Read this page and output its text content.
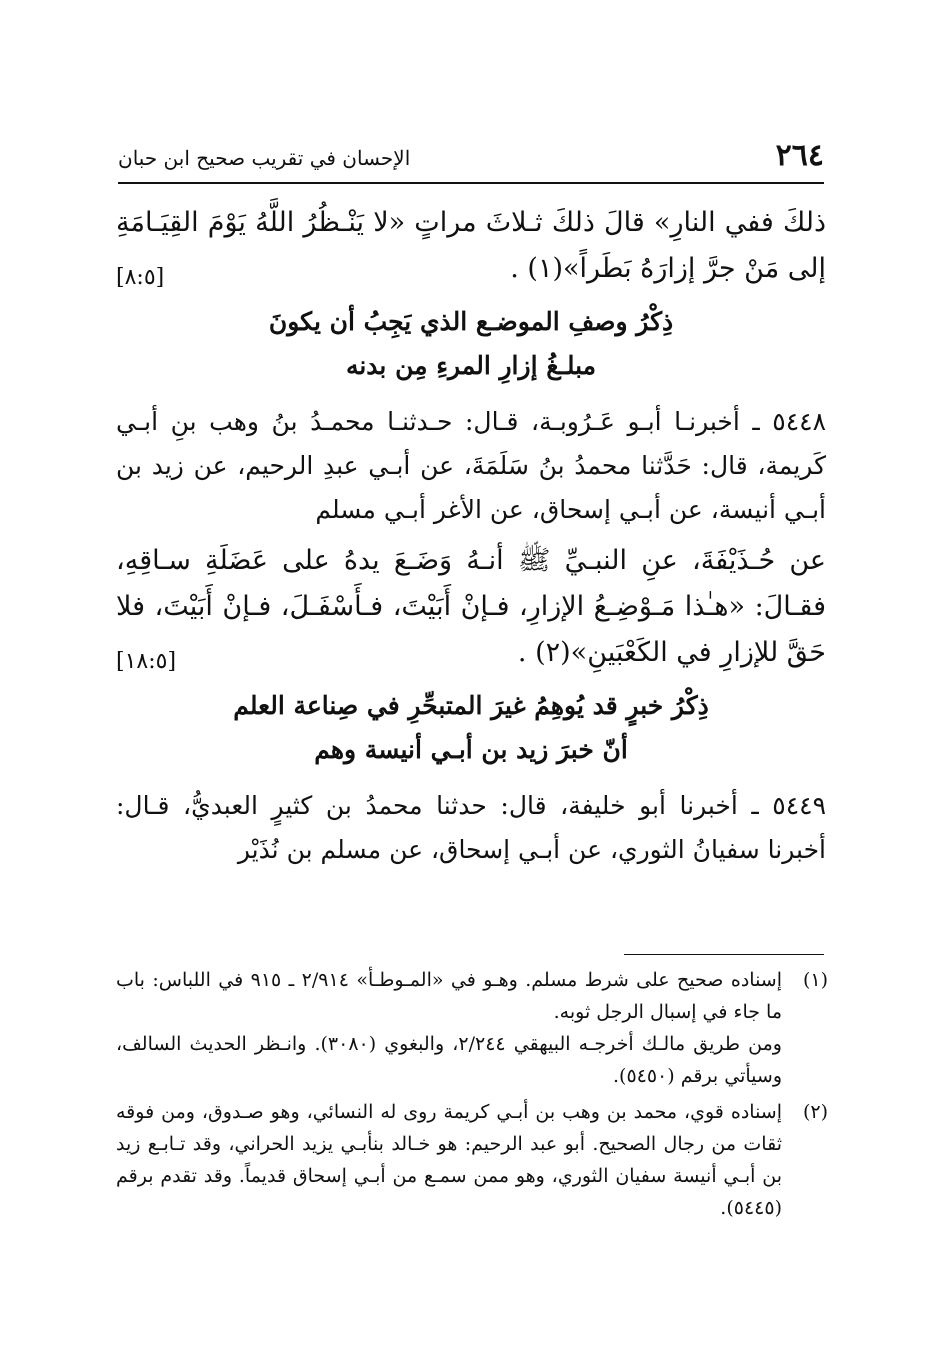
٢٦٤
الإحسان في تقريب صحيح ابن حبان

ذلكَ ففي النارِ» قالَ ذلكَ ثـلاثَ مراتٍ «لا يَنْـظُرُ اللَّهُ يَوْمَ القِيَـامَةِ إلى مَنْ جرَّ إزارَهُ بَطَراً»(١) .

[٨:٥]
ذِكْرُ وصفِ الموضـع الذي يَجِبُ أن يكونَ
مبلـغُ إزارِ المرءِ مِن بدنه

٥٤٤٨ ـ أخبرنـا أبـو عَـرُوبـة، قـال: حـدثنـا محمـدُ بنُ وهب بنِ أبـي كَريمة، قال: حَدَّثنا محمدُ بنُ سَلَمَةَ، عن أبـي عبدِ الرحيم، عن زيد بن أبـي أنيسة، عن أبـي إسحاق، عن الأغر أبـي مسلم

عن حُـذَيْفَةَ، عنِ النبـيِّ ﷺ أنـهُ وَضَـعَ يدهُ على عَضَلَةِ سـاقِهِ، فقـالَ: «هـٰذا مَـوْضِـعُ الإزارِ، فـإنْ أَبَيْتَ، فـأَسْفَـلَ، فـإنْ أَبَيْتَ، فلا حَقَّ للإزارِ في الكَعْبَينِ»(٢) .

[١٨:٥]
ذِكْرُ خبرٍ قد يُوهِمُ غيرَ المتبحِّرِ في صِناعة العلم
أنّ خبرَ زيد بن أبـي أنيسة وهم

٥٤٤٩ ـ أخبرنا أبو خليفة، قال: حدثنا محمدُ بن كثيرٍ العبديُّ، قـال: أخبرنا سفيانُ الثوري، عن أبـي إسحاق، عن مسلم بن نُذَيْر

(١)

إسناده صحيح على شرط مسلم. وهـو في «المـوطـأ» ٢/٩١٤ ـ ٩١٥ في اللباس: باب ما جاء في إسبال الرجل ثوبه.

ومن طريق مالـك أخرجـه البيهقي ٢/٢٤٤، والبغوي (٣٠٨٠). وانـظر الحديث السالف، وسيأتي برقم (٥٤٥٠).

(٢)

إسناده قوي، محمد بن وهب بن أبـي كريمة روى له النسائي، وهو صـدوق، ومن فوقه ثقات من رجال الصحيح. أبو عبد الرحيم: هو خـالد بنأبـي يزيد الحراني، وقد تـابـع زيد بن أبـي أنيسة سفيان الثوري، وهو ممن سمـع من أبـي إسحاق قديماً. وقد تقدم برقم (٥٤٤٥).
